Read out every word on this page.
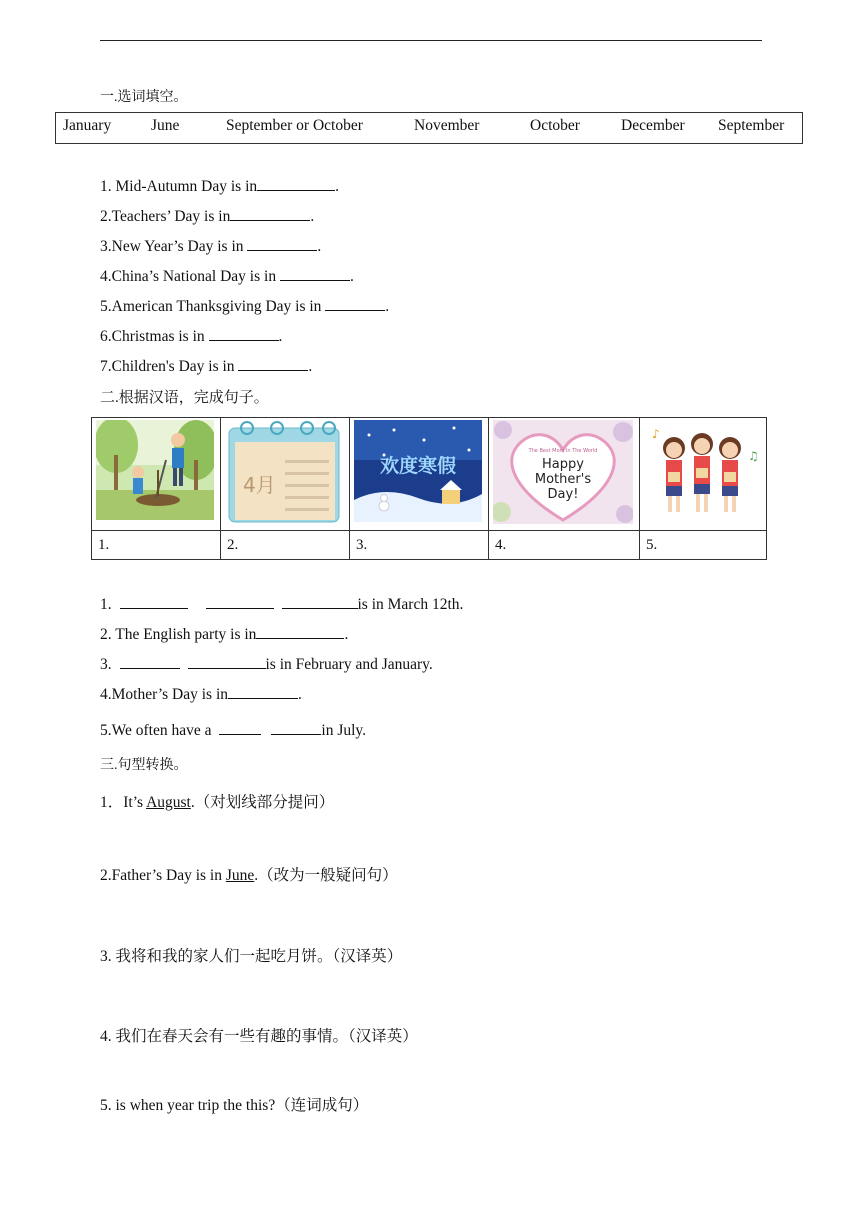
一.选词填空。
January	June	September or October	November	October	December September
1. Mid-Autumn Day is in	.
2.Teachers’ Day is in	.
3.New Year’s Day is in	.
4.China’s National Day is in	.
5.American Thanksgiving Day is in	.
6.Christmas is in	.
7.Children's Day is in	.
二.根据汉语，完成句子。

4月	欢度寒假	The Best Mom In The World
Happy
Mother's
Day!	♪
♫

1.	2.	3.	4.	5.
1.	is in March 12th.
2. The English party is in	.
3.	is in February and January.
4.Mother’s Day is in	.
5.We often have a	in July.
三.句型转换。
1．It’s August.（对划线部分提问）
2.Father’s Day is in June.（改为一般疑问句）
3. 我将和我的家人们一起吃月饼。（汉译英）
4. 我们在春天会有一些有趣的事情。（汉译英）
5. is when year trip the this?（连词成句）
